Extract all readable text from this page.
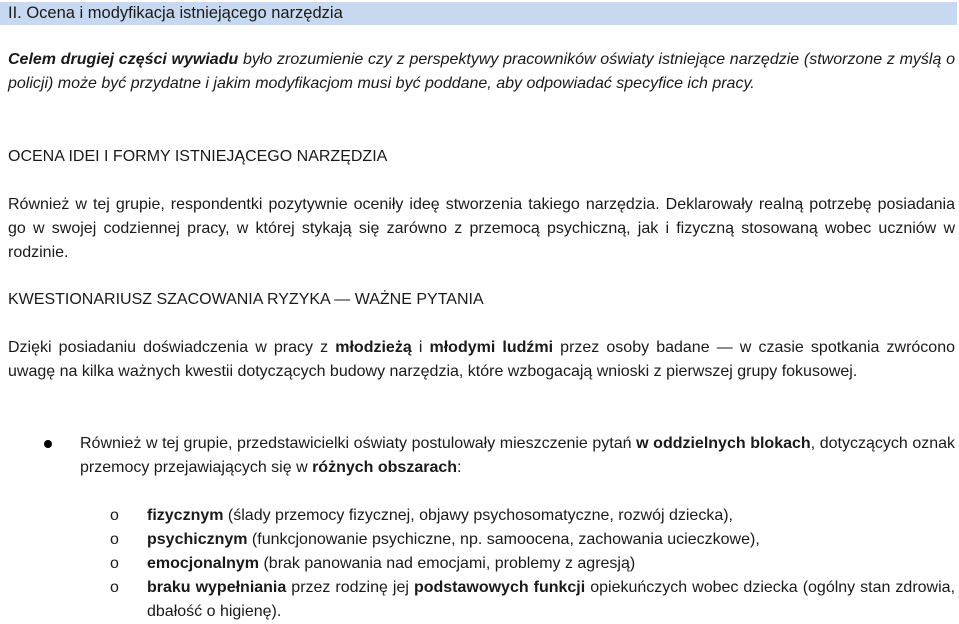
II. Ocena i modyfikacja istniejącego narzędzia

Celem drugiej części wywiadu było zrozumienie czy z perspektywy pracowników oświaty istniejące narzędzie (stworzone z myślą o policji) może być przydatne i jakim modyfikacjom musi być poddane, aby odpowiadać specyfice ich pracy.

OCENA IDEI I FORMY ISTNIEJĄCEGO NARZĘDZIA

Również w tej grupie, respondentki pozytywnie oceniły ideę stworzenia takiego narzędzia. Deklarowały realną potrzebę posiadania go w swojej codziennej pracy, w której stykają się zarówno z przemocą psychiczną, jak i fizyczną stosowaną wobec uczniów w rodzinie.

KWESTIONARIUSZ SZACOWANIA RYZYKA — WAŻNE PYTANIA

Dzięki posiadaniu doświadczenia w pracy z młodzieżą i młodymi ludźmi przez osoby badane — w czasie spotkania zwrócono uwagę na kilka ważnych kwestii dotyczących budowy narzędzia, które wzbogacają wnioski z pierwszej grupy fokusowej.

Również w tej grupie, przedstawicielki oświaty postulowały mieszczenie pytań w oddzielnych blokach, dotyczących oznak przemocy przejawiających się w różnych obszarach:

o fizycznym (ślady przemocy fizycznej, objawy psychosomatyczne, rozwój dziecka),
o psychicznym (funkcjonowanie psychiczne, np. samoocena, zachowania ucieczkowe),
o emocjonalnym (brak panowania nad emocjami, problemy z agresją)
o braku wypełniania przez rodzinę jej podstawowych funkcji opiekuńczych wobec dziecka (ogólny stan zdrowia, dbałość o higienę).
